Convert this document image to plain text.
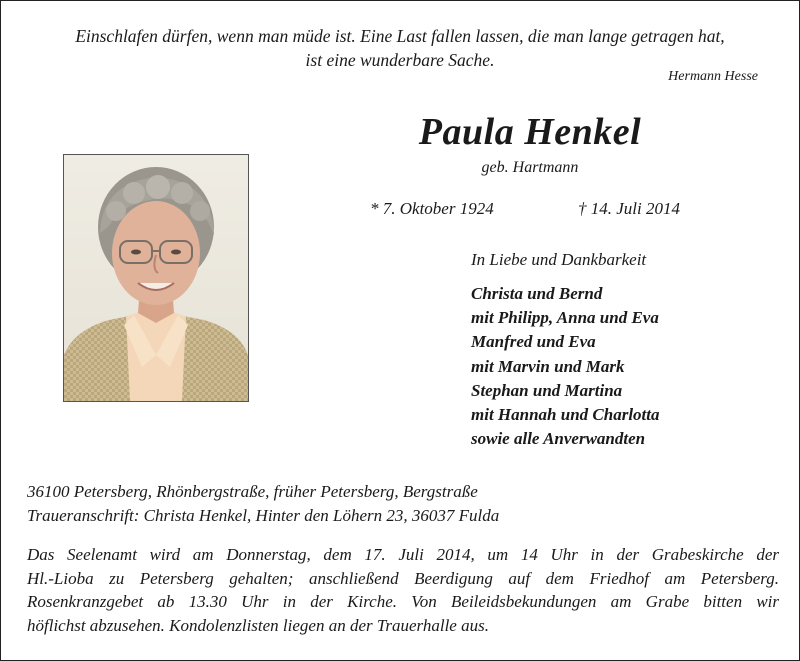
Einschlafen dürfen, wenn man müde ist. Eine Last fallen lassen, die man lange getragen hat,
ist eine wunderbare Sache.
Hermann Hesse
Paula Henkel
geb. Hartmann
* 7. Oktober 1924	† 14. Juli 2014
In Liebe und Dankbarkeit
Christa und Bernd
mit Philipp, Anna und Eva
Manfred und Eva
mit Marvin und Mark
Stephan und Martina
mit Hannah und Charlotta
sowie alle Anverwandten
36100 Petersberg, Rhönbergstraße, früher Petersberg, Bergstraße
Traueranschrift: Christa Henkel, Hinter den Löhern 23, 36037 Fulda
Das Seelenamt wird am Donnerstag, dem 17. Juli 2014, um 14 Uhr in der Grabeskirche der
Hl.-Lioba zu Petersberg gehalten; anschließend Beerdigung auf dem Friedhof am Petersberg.
Rosenkranzgebet ab 13.30 Uhr in der Kirche. Von Beileidsbekundungen am Grabe bitten wir
höflichst abzusehen. Kondolenzlisten liegen an der Trauerhalle aus.
